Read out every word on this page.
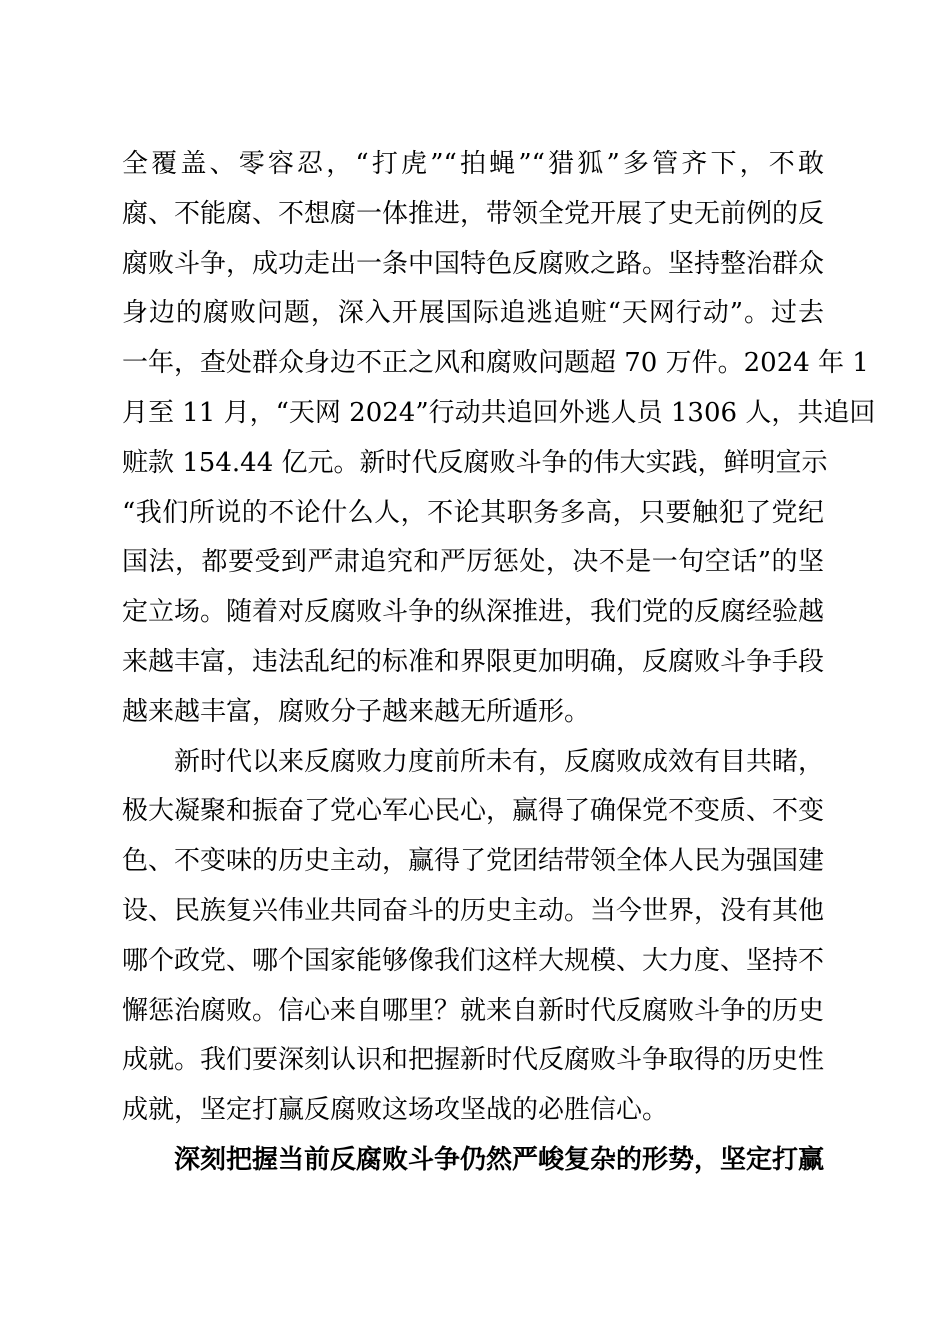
全覆盖、零容忍，“打虎”“拍蝇”“猎狐”多管齐下，不敢
腐、不能腐、不想腐一体推进，带领全党开展了史无前例的反
腐败斗争，成功走出一条中国特色反腐败之路。坚持整治群众
身边的腐败问题，深入开展国际追逃追赃“天网行动”。过去
一年，查处群众身边不正之风和腐败问题超 70 万件。2024 年 1
月至 11 月，“天网 2024”行动共追回外逃人员 1306 人，共追回
赃款 154.44 亿元。新时代反腐败斗争的伟大实践，鲜明宣示
“我们所说的不论什么人，不论其职务多高，只要触犯了党纪
国法，都要受到严肃追究和严厉惩处，决不是一句空话”的坚
定立场。随着对反腐败斗争的纵深推进，我们党的反腐经验越
来越丰富，违法乱纪的标准和界限更加明确，反腐败斗争手段
越来越丰富，腐败分子越来越无所遁形。
新时代以来反腐败力度前所未有，反腐败成效有目共睹，
极大凝聚和振奋了党心军心民心，赢得了确保党不变质、不变
色、不变味的历史主动，赢得了党团结带领全体人民为强国建
设、民族复兴伟业共同奋斗的历史主动。当今世界，没有其他
哪个政党、哪个国家能够像我们这样大规模、大力度、坚持不
懈惩治腐败。信心来自哪里？就来自新时代反腐败斗争的历史
成就。我们要深刻认识和把握新时代反腐败斗争取得的历史性
成就，坚定打赢反腐败这场攻坚战的必胜信心。
深刻把握当前反腐败斗争仍然严峻复杂的形势，坚定打赢
